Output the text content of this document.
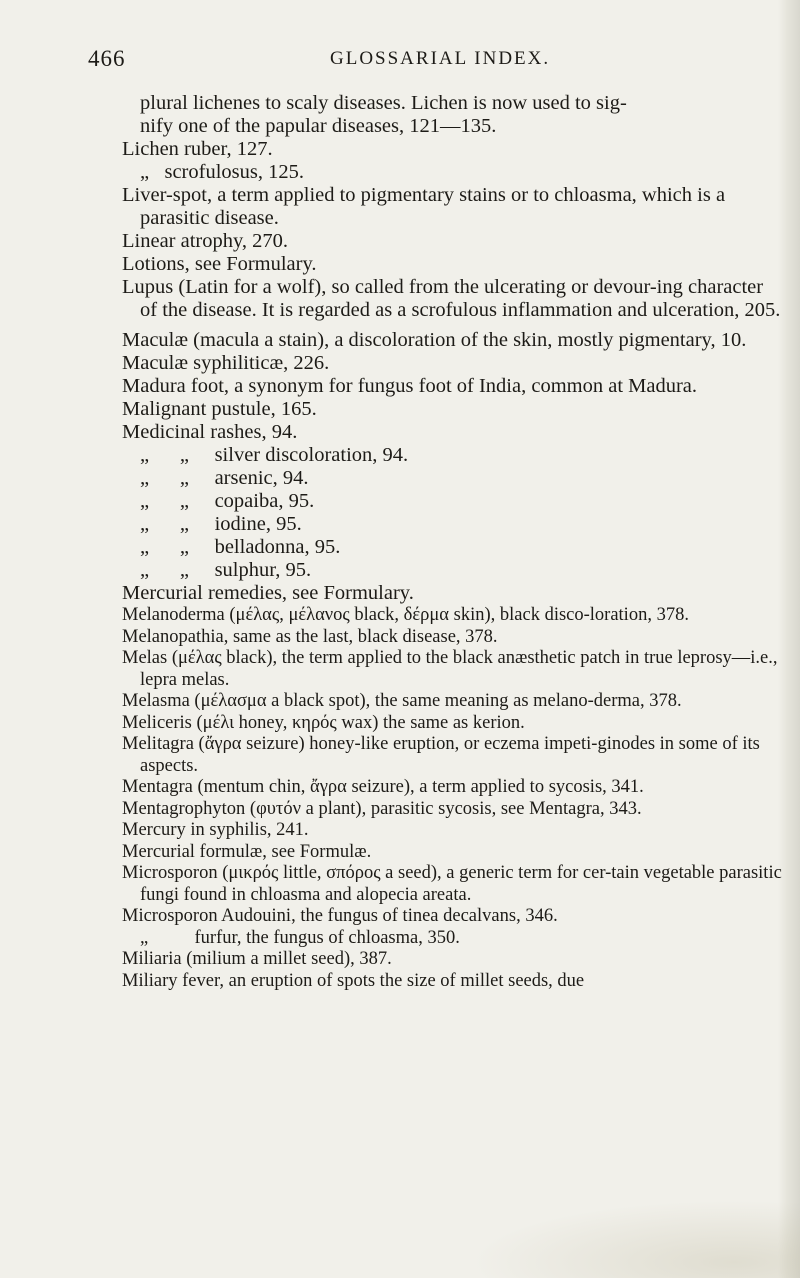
466	GLOSSARIAL INDEX.

plural lichenes to scaly diseases. Lichen is now used to sig-

nify one of the papular diseases, 121—135.

Lichen ruber, 127.

„   scrofulosus, 125.

Liver-spot, a term applied to pigmentary stains or to chloasma, which is a parasitic disease.

Linear atrophy, 270.

Lotions, see Formulary.

Lupus (Latin for a wolf), so called from the ulcerating or devour-ing character of the disease. It is regarded as a scrofulous inflammation and ulceration, 205.

Maculæ (macula a stain), a discoloration of the skin, mostly pigmentary, 10.

Maculæ syphiliticæ, 226.

Madura foot, a synonym for fungus foot of India, common at Madura.

Malignant pustule, 165.

Medicinal rashes, 94.

„      „     silver discoloration, 94.

„      „     arsenic, 94.

„      „     copaiba, 95.

„      „     iodine, 95.

„      „     belladonna, 95.

„      „     sulphur, 95.

Mercurial remedies, see Formulary.

Melanoderma (μέλας, μέλανος black, δέρμα skin), black disco-loration, 378.

Melanopathia, same as the last, black disease, 378.

Melas (μέλας black), the term applied to the black anæsthetic patch in true leprosy—i.e., lepra melas.

Melasma (μέλασμα a black spot), the same meaning as melano-derma, 378.

Meliceris (μέλι honey, κηρός wax) the same as kerion.

Melitagra (ἄγρα seizure) honey-like eruption, or eczema impeti-ginodes in some of its aspects.

Mentagra (mentum chin, ἄγρα seizure), a term applied to sycosis, 341.

Mentagrophyton (φυτόν a plant), parasitic sycosis, see Mentagra, 343.

Mercury in syphilis, 241.

Mercurial formulæ, see Formulæ.

Microsporon (μικρός little, σπόρος a seed), a generic term for cer-tain vegetable parasitic fungi found in chloasma and alopecia areata.

Microsporon Audouini, the fungus of tinea decalvans, 346.

„          furfur, the fungus of chloasma, 350.

Miliaria (milium a millet seed), 387.

Miliary fever, an eruption of spots the size of millet seeds, due
